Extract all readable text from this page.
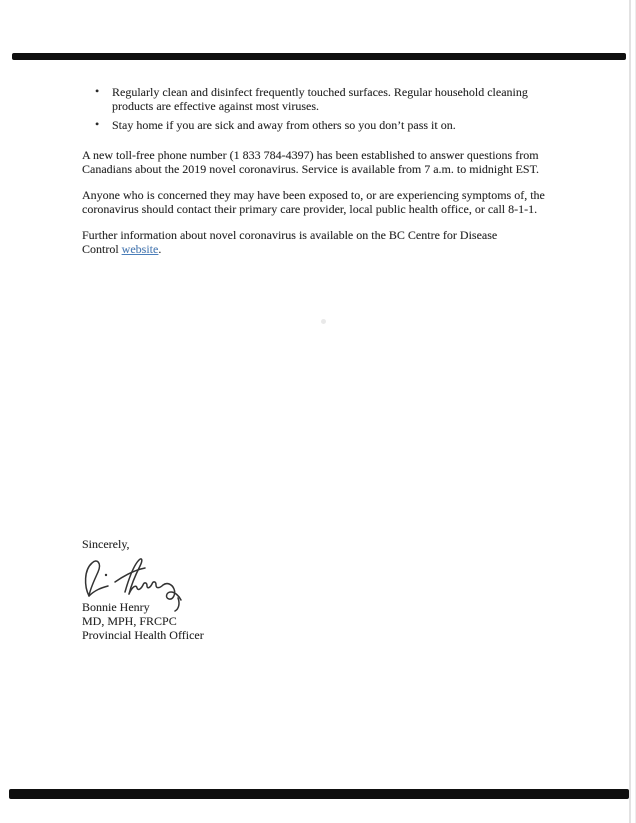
• Regularly clean and disinfect frequently touched surfaces. Regular household cleaning
products are effective against most viruses.
• Stay home if you are sick and away from others so you don’t pass it on.
A new toll-free phone number (1 833 784-4397) has been established to answer questions from
Canadians about the 2019 novel coronavirus. Service is available from 7 a.m. to midnight EST.
Anyone who is concerned they may have been exposed to, or are experiencing symptoms of, the
coronavirus should contact their primary care provider, local public health office, or call 8-1-1.
Further information about novel coronavirus is available on the BC Centre for Disease
Control website.
Sincerely,
Bonnie Henry
MD, MPH, FRCPC
Provincial Health Officer
